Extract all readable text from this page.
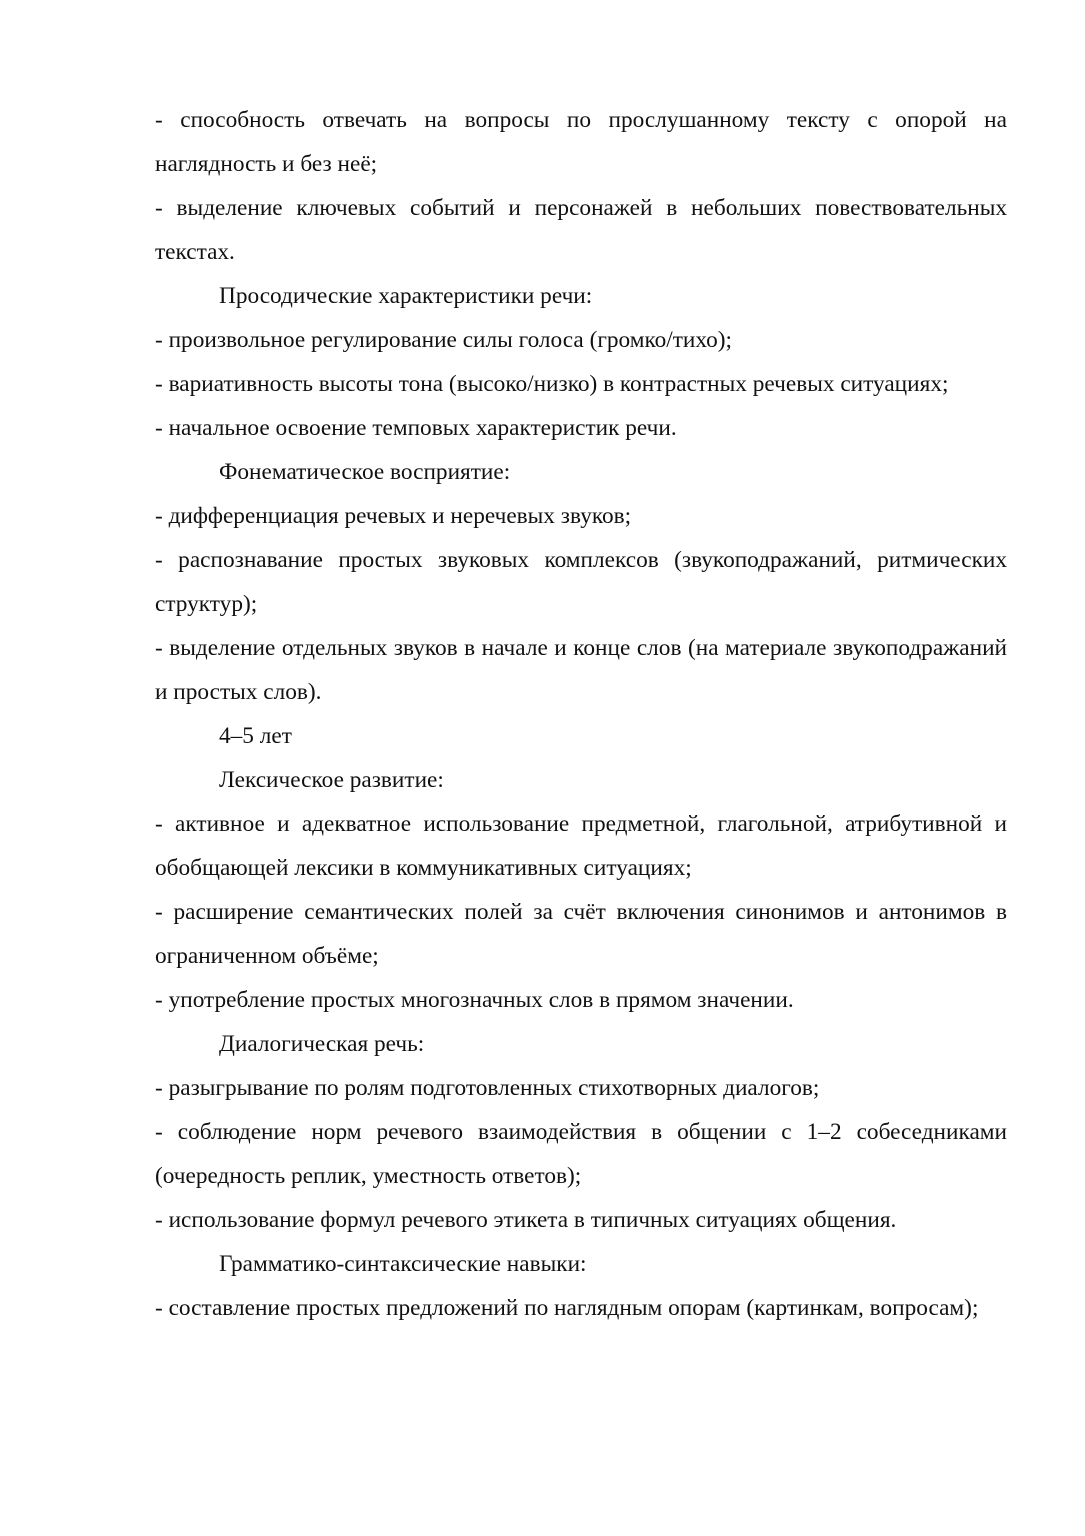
- способность отвечать на вопросы по прослушанному тексту с опорой на наглядность и без неё;

- выделение ключевых событий и персонажей в небольших повествовательных текстах.

Просодические характеристики речи:

- произвольное регулирование силы голоса (громко/тихо);

- вариативность высоты тона (высоко/низко) в контрастных речевых ситуациях;

- начальное освоение темповых характеристик речи.

Фонематическое восприятие:

- дифференциация речевых и неречевых звуков;

- распознавание простых звуковых комплексов (звукоподражаний, ритмических структур);

- выделение отдельных звуков в начале и конце слов (на материале звукоподражаний и простых слов).

4–5 лет

Лексическое развитие:

- активное и адекватное использование предметной, глагольной, атрибутивной и обобщающей лексики в коммуникативных ситуациях;

- расширение семантических полей за счёт включения синонимов и антонимов в ограниченном объёме;

- употребление простых многозначных слов в прямом значении.

Диалогическая речь:

- разыгрывание по ролям подготовленных стихотворных диалогов;

- соблюдение норм речевого взаимодействия в общении с 1–2 собеседниками (очередность реплик, уместность ответов);

- использование формул речевого этикета в типичных ситуациях общения.

Грамматико-синтаксические навыки:

- составление простых предложений по наглядным опорам (картинкам, вопросам);
